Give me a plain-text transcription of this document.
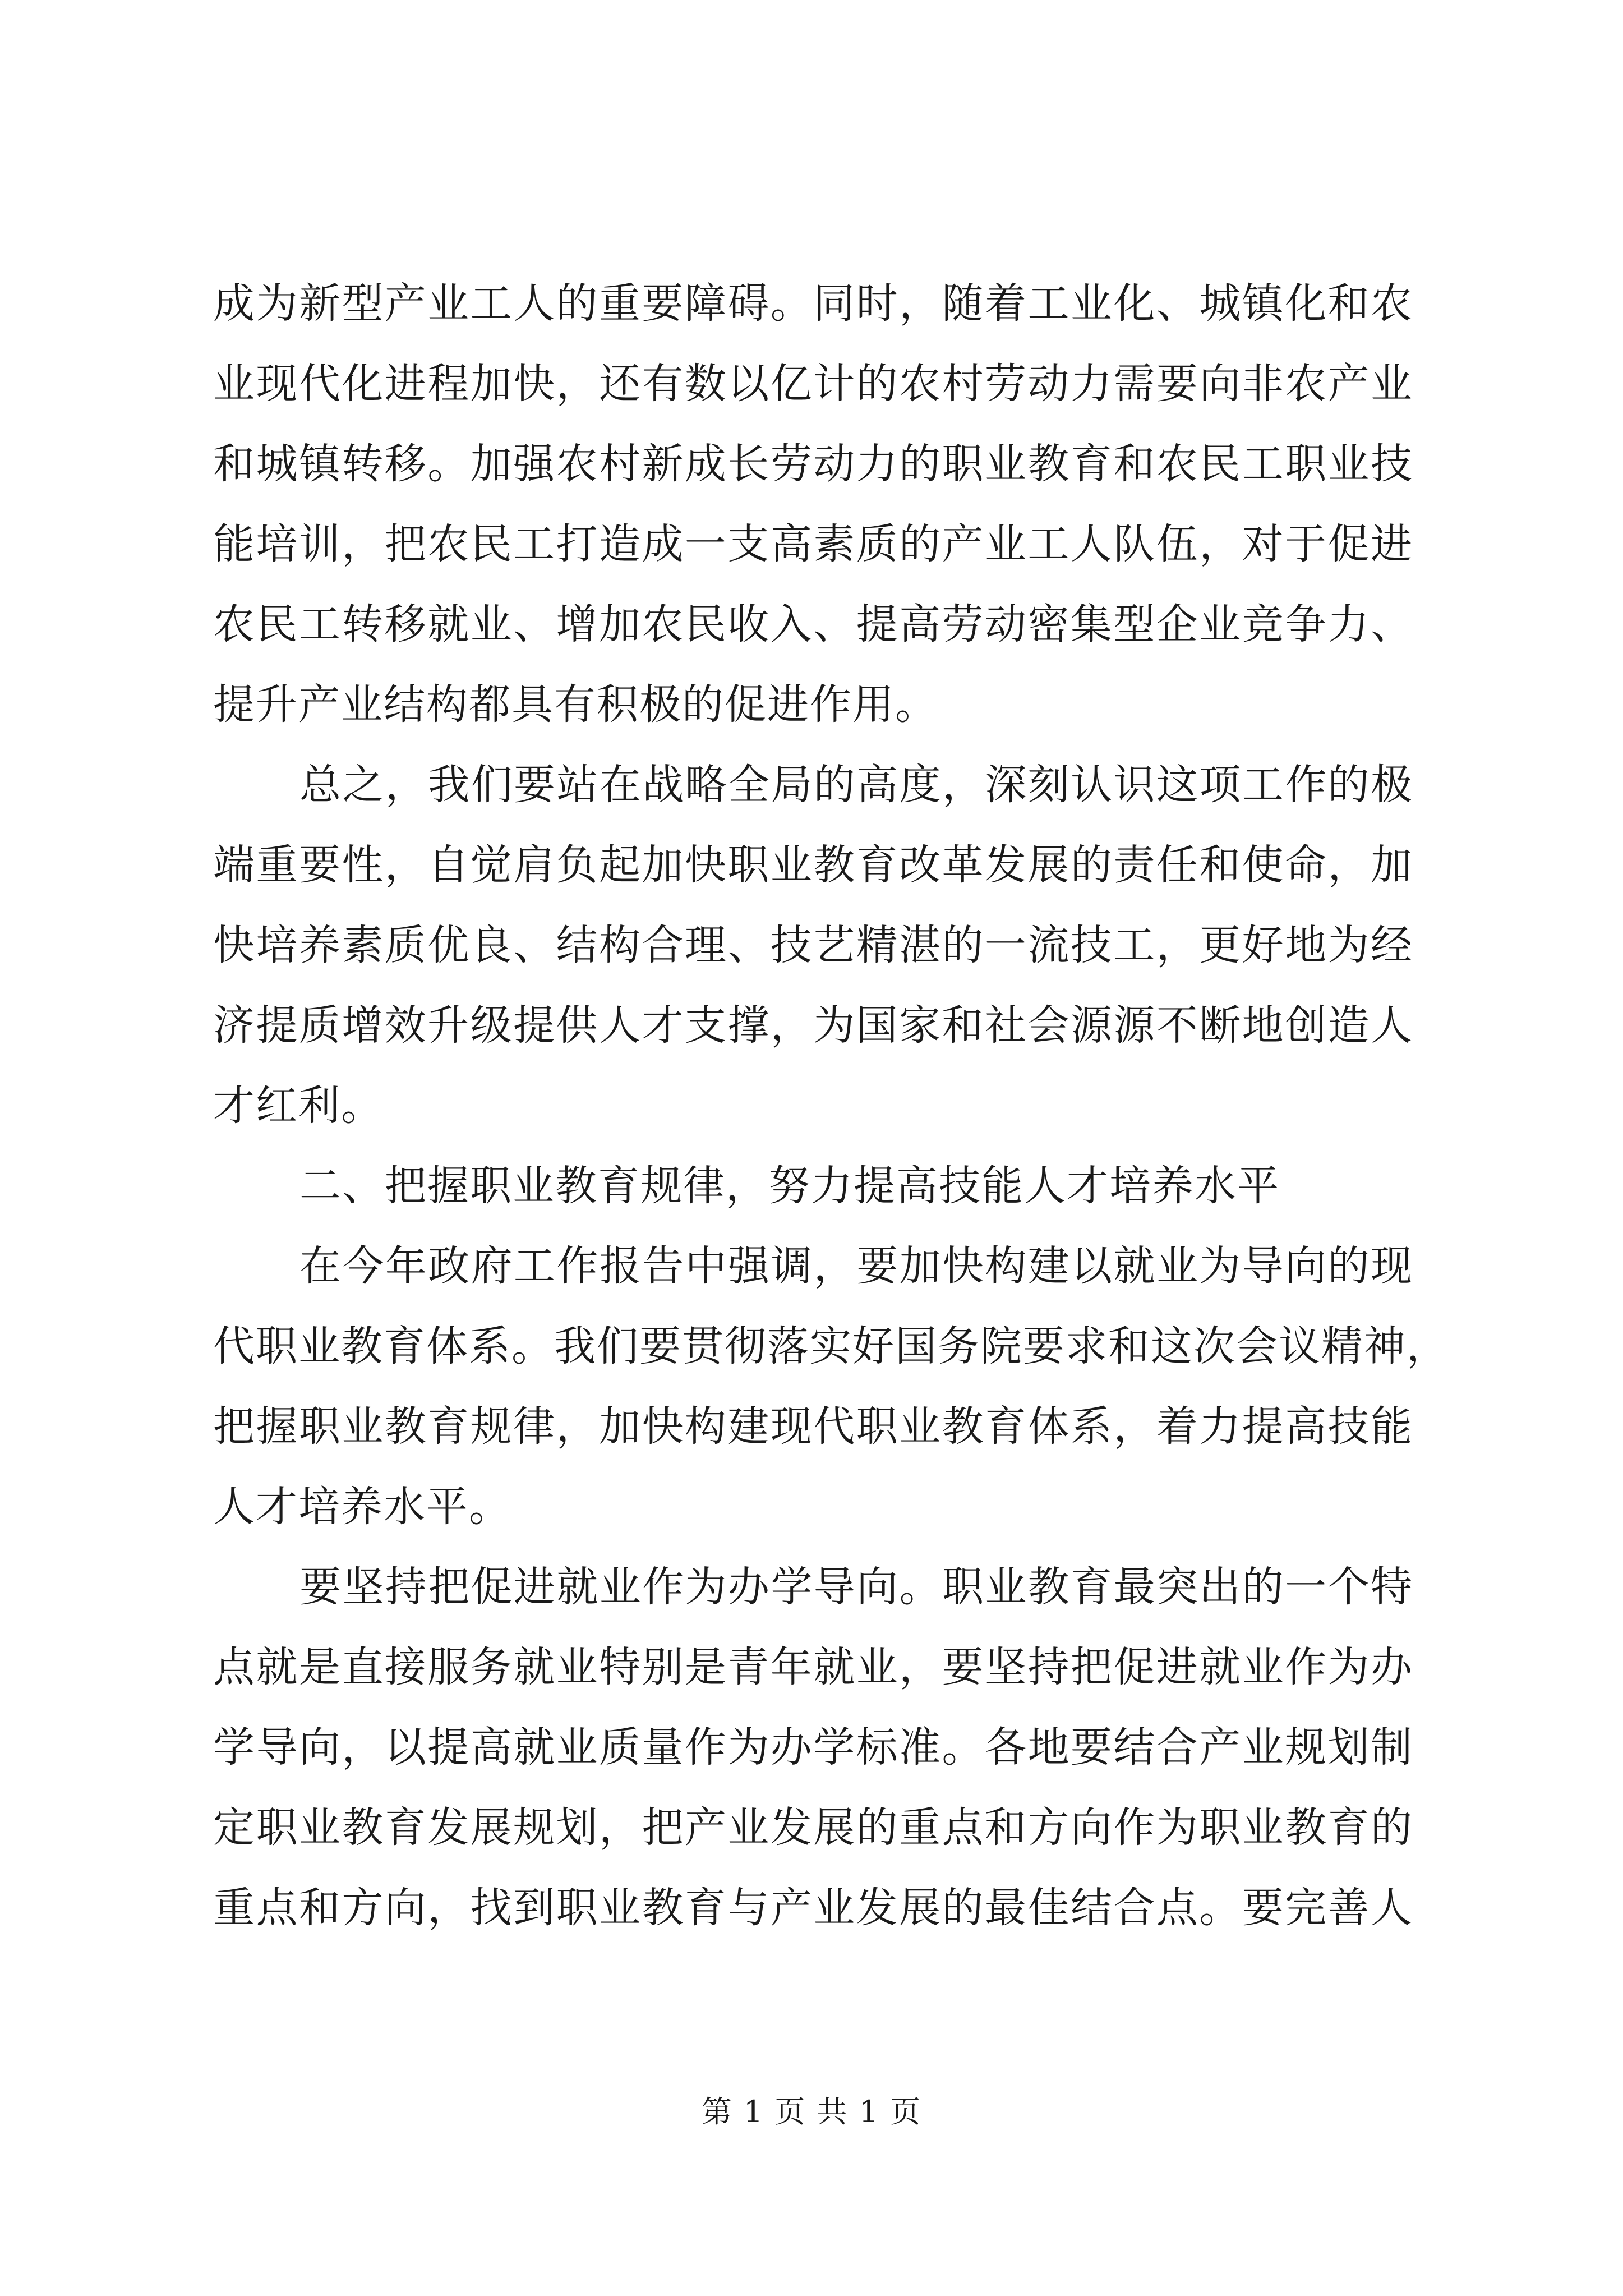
成为新型产业工人的重要障碍。同时，随着工业化、城镇化和农
业现代化进程加快，还有数以亿计的农村劳动力需要向非农产业
和城镇转移。加强农村新成长劳动力的职业教育和农民工职业技
能培训，把农民工打造成一支高素质的产业工人队伍，对于促进
农民工转移就业、增加农民收入、提高劳动密集型企业竞争力、
提升产业结构都具有积极的促进作用。
总之，我们要站在战略全局的高度，深刻认识这项工作的极
端重要性，自觉肩负起加快职业教育改革发展的责任和使命，加
快培养素质优良、结构合理、技艺精湛的一流技工，更好地为经
济提质增效升级提供人才支撑，为国家和社会源源不断地创造人
才红利。
二、把握职业教育规律，努力提高技能人才培养水平
在今年政府工作报告中强调，要加快构建以就业为导向的现
代职业教育体系。我们要贯彻落实好国务院要求和这次会议精神，
把握职业教育规律，加快构建现代职业教育体系，着力提高技能
人才培养水平。
要坚持把促进就业作为办学导向。职业教育最突出的一个特
点就是直接服务就业特别是青年就业，要坚持把促进就业作为办
学导向，以提高就业质量作为办学标准。各地要结合产业规划制
定职业教育发展规划，把产业发展的重点和方向作为职业教育的
重点和方向，找到职业教育与产业发展的最佳结合点。要完善人
第 1 页 共 1 页
